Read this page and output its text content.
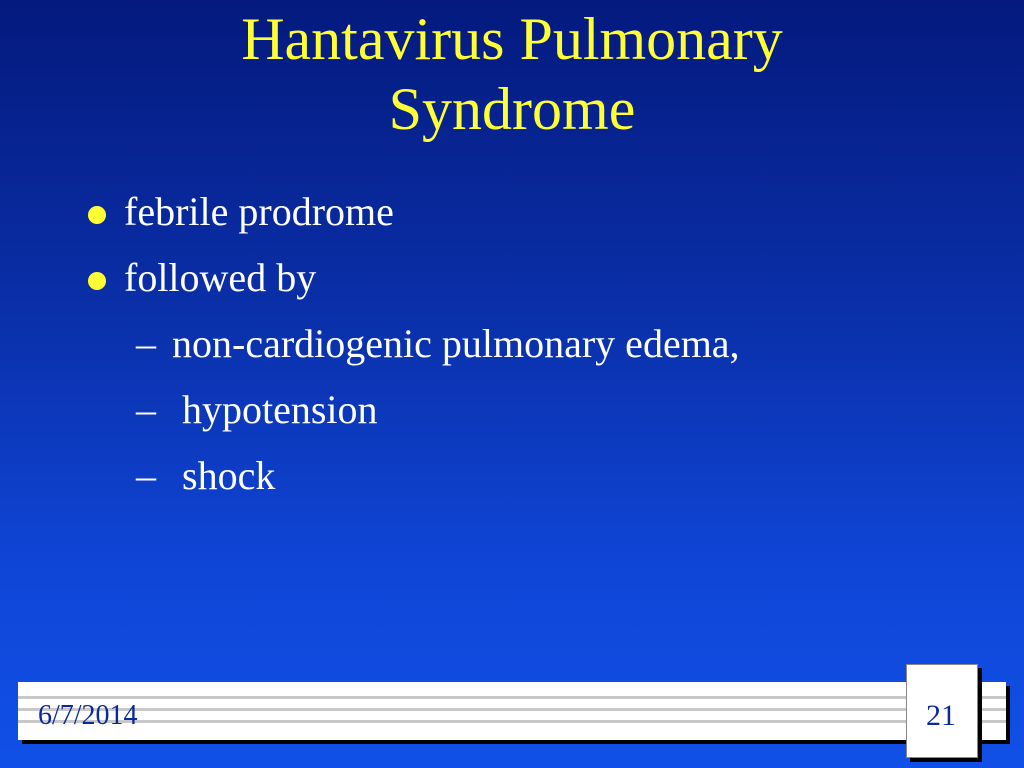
Hantavirus Pulmonary
Syndrome
febrile prodrome
followed by
– non-cardiogenic pulmonary edema,
– hypotension
– shock
6/7/2014	21
